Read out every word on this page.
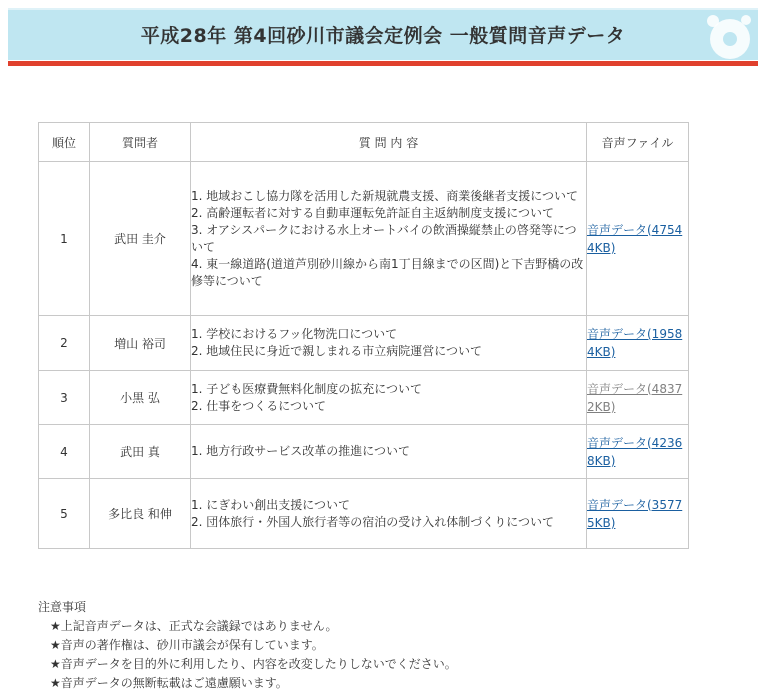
平成28年 第4回砂川市議会定例会 一般質問音声データ
順位	質問者	質 問 内 容	音声ファイル
1	武田 圭介	1. 地域おこし協力隊を活用した新規就農支援、商業後継者支援について
2. 高齢運転者に対する自動車運転免許証自主返納制度支援について
3. オアシスパークにおける水上オートバイの飲酒操縦禁止の啓発等について
4. 東一線道路(道道芦別砂川線から南1丁目線までの区間)と下吉野橋の改修等について	音声データ(47544KB)
2	増山 裕司	1. 学校におけるフッ化物洗口について
2. 地域住民に身近で親しまれる市立病院運営について	音声データ(19584KB)
3	小黒 弘	1. 子ども医療費無料化制度の拡充について
2. 仕事をつくるについて	音声データ(48372KB)
4	武田 真	1. 地方行政サービス改革の推進について	音声データ(42368KB)
5	多比良 和伸	1. にぎわい創出支援について
2. 団体旅行・外国人旅行者等の宿泊の受け入れ体制づくりについて	音声データ(35775KB)
注意事項
★上記音声データは、正式な会議録ではありません。
★音声の著作権は、砂川市議会が保有しています。
★音声データを目的外に利用したり、内容を改変したりしないでください。
★音声データの無断転載はご遠慮願います。
